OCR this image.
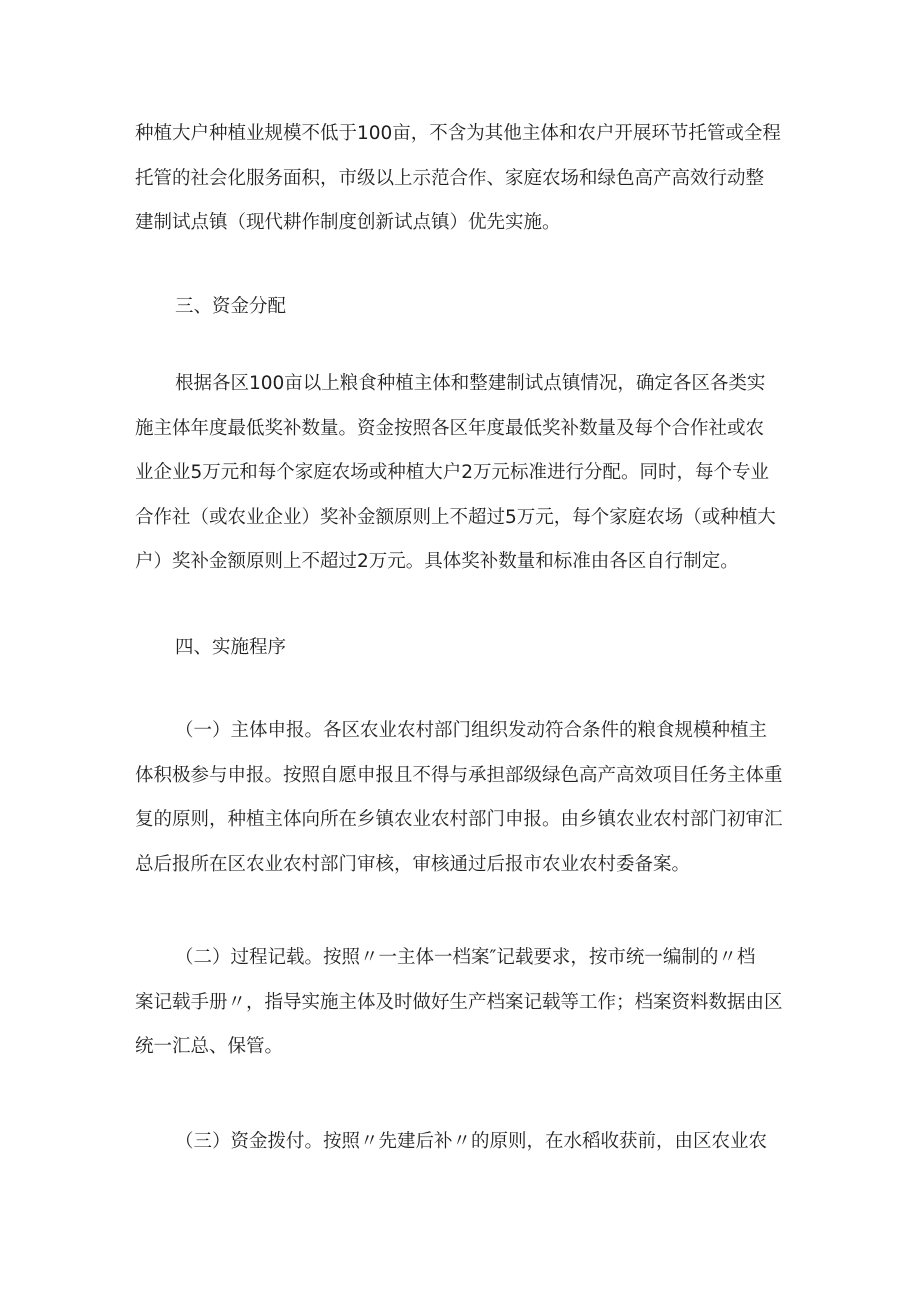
种植大户种植业规模不低于100亩，不含为其他主体和农户开展环节托管或全程
托管的社会化服务面积，市级以上示范合作、家庭农场和绿色高产高效行动整
建制试点镇（现代耕作制度创新试点镇）优先实施。
三、资金分配
根据各区100亩以上粮食种植主体和整建制试点镇情况，确定各区各类实
施主体年度最低奖补数量。资金按照各区年度最低奖补数量及每个合作社或农
业企业5万元和每个家庭农场或种植大户2万元标准进行分配。同时，每个专业
合作社（或农业企业）奖补金额原则上不超过5万元，每个家庭农场（或种植大
户）奖补金额原则上不超过2万元。具体奖补数量和标准由各区自行制定。
四、实施程序
（一）主体申报。各区农业农村部门组织发动符合条件的粮食规模种植主
体积极参与申报。按照自愿申报且不得与承担部级绿色高产高效项目任务主体重
复的原则，种植主体向所在乡镇农业农村部门申报。由乡镇农业农村部门初审汇
总后报所在区农业农村部门审核，审核通过后报市农业农村委备案。
（二）过程记载。按照〃一主体一档案″记载要求，按市统一编制的〃档
案记载手册〃，指导实施主体及时做好生产档案记载等工作；档案资料数据由区
统一汇总、保管。
（三）资金拨付。按照〃先建后补〃的原则，在水稻收获前，由区农业农
